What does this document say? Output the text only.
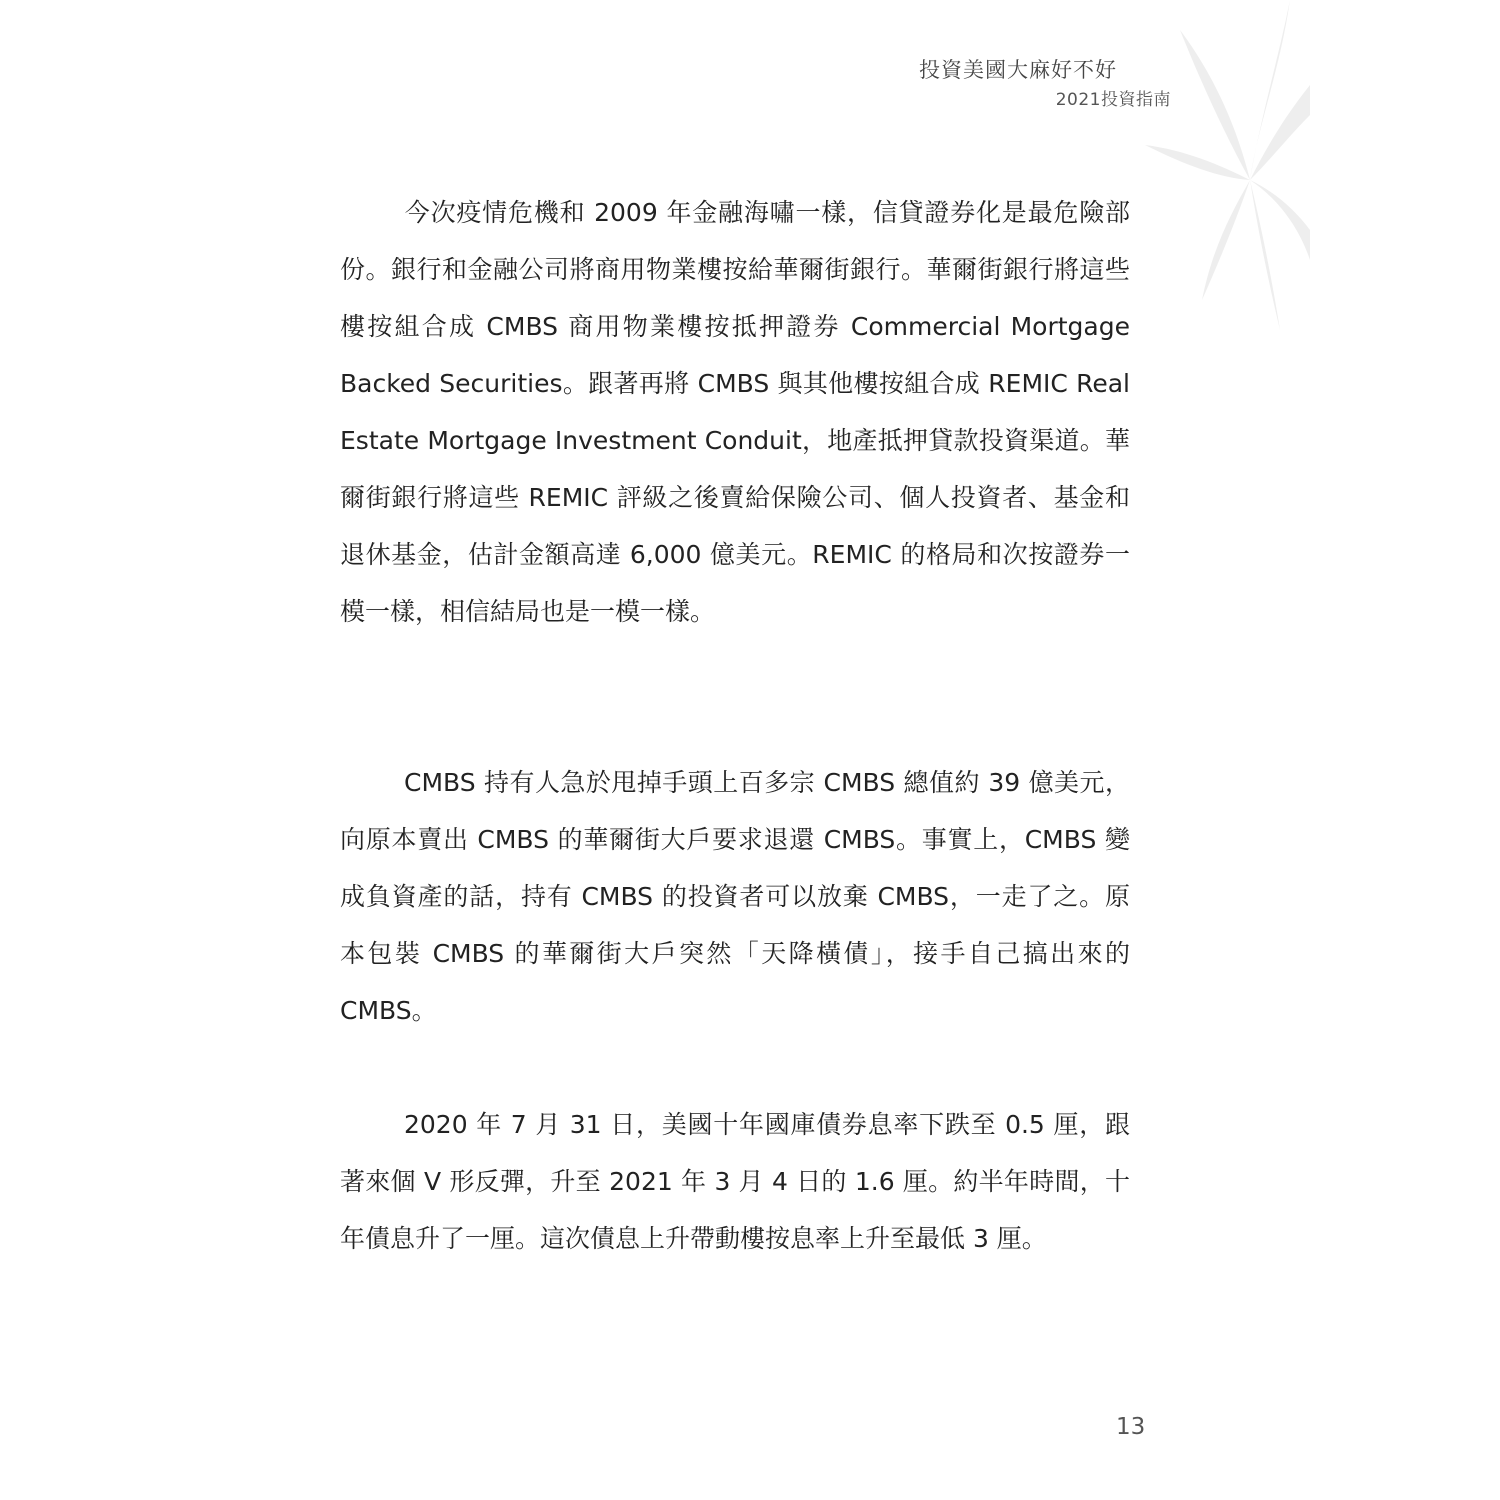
投資美國大麻好不好
2021投資指南
今次疫情危機和 2009 年金融海嘯一樣，信貸證券化是最危險部份。銀行和金融公司將商用物業樓按給華爾街銀行。華爾街銀行將這些樓按組合成 CMBS 商用物業樓按抵押證券 Commercial Mortgage Backed Securities。跟著再將 CMBS 與其他樓按組合成 REMIC Real Estate Mortgage Investment Conduit，地產抵押貸款投資渠道。華爾街銀行將這些 REMIC 評級之後賣給保險公司、個人投資者、基金和退休基金，估計金額高達 6,000 億美元。REMIC 的格局和次按證券一模一樣，相信結局也是一模一樣。
CMBS 持有人急於甩掉手頭上百多宗 CMBS 總值約 39 億美元，向原本賣出 CMBS 的華爾街大戶要求退還 CMBS。事實上，CMBS 變成負資產的話，持有 CMBS 的投資者可以放棄 CMBS，一走了之。原本包裝 CMBS 的華爾街大戶突然「天降橫債」，接手自己搞出來的 CMBS。
2020 年 7 月 31 日，美國十年國庫債券息率下跌至 0.5 厘，跟著來個 V 形反彈，升至 2021 年 3 月 4 日的 1.6 厘。約半年時間，十年債息升了一厘。這次債息上升帶動樓按息率上升至最低 3 厘。
13
